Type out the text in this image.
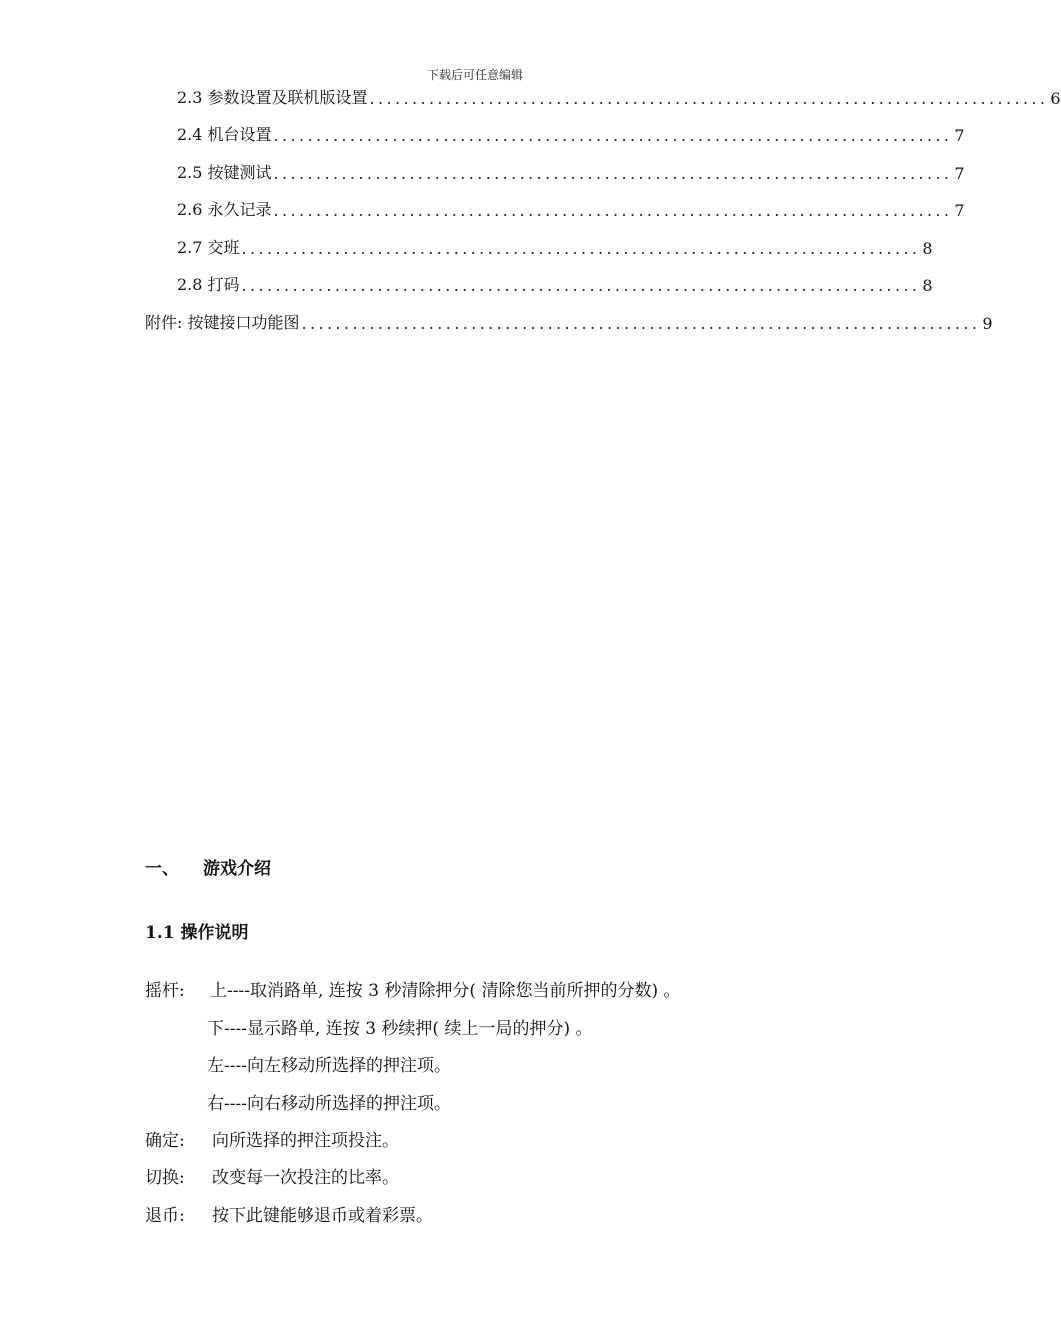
下载后可任意编辑
2.3 参数设置及联机版设置 ................................................................................ 6
2.4 机台设置 ................................................................................ 7
2.5 按键测试 ................................................................................ 7
2.6 永久记录 ................................................................................ 7
2.7 交班 ................................................................................ 8
2.8 打码 ................................................................................ 8
附件: 按键接口功能图 ................................................................................ 9
一、 游戏介绍
1.1 操作说明
摇杆: 上----取消路单, 连按 3 秒清除押分( 清除您当前所押的分数) 。
下----显示路单, 连按 3 秒续押( 续上一局的押分) 。
左----向左移动所选择的押注项。
右----向右移动所选择的押注项。
确定: 向所选择的押注项投注。
切换: 改变每一次投注的比率。
退币: 按下此键能够退币或着彩票。
